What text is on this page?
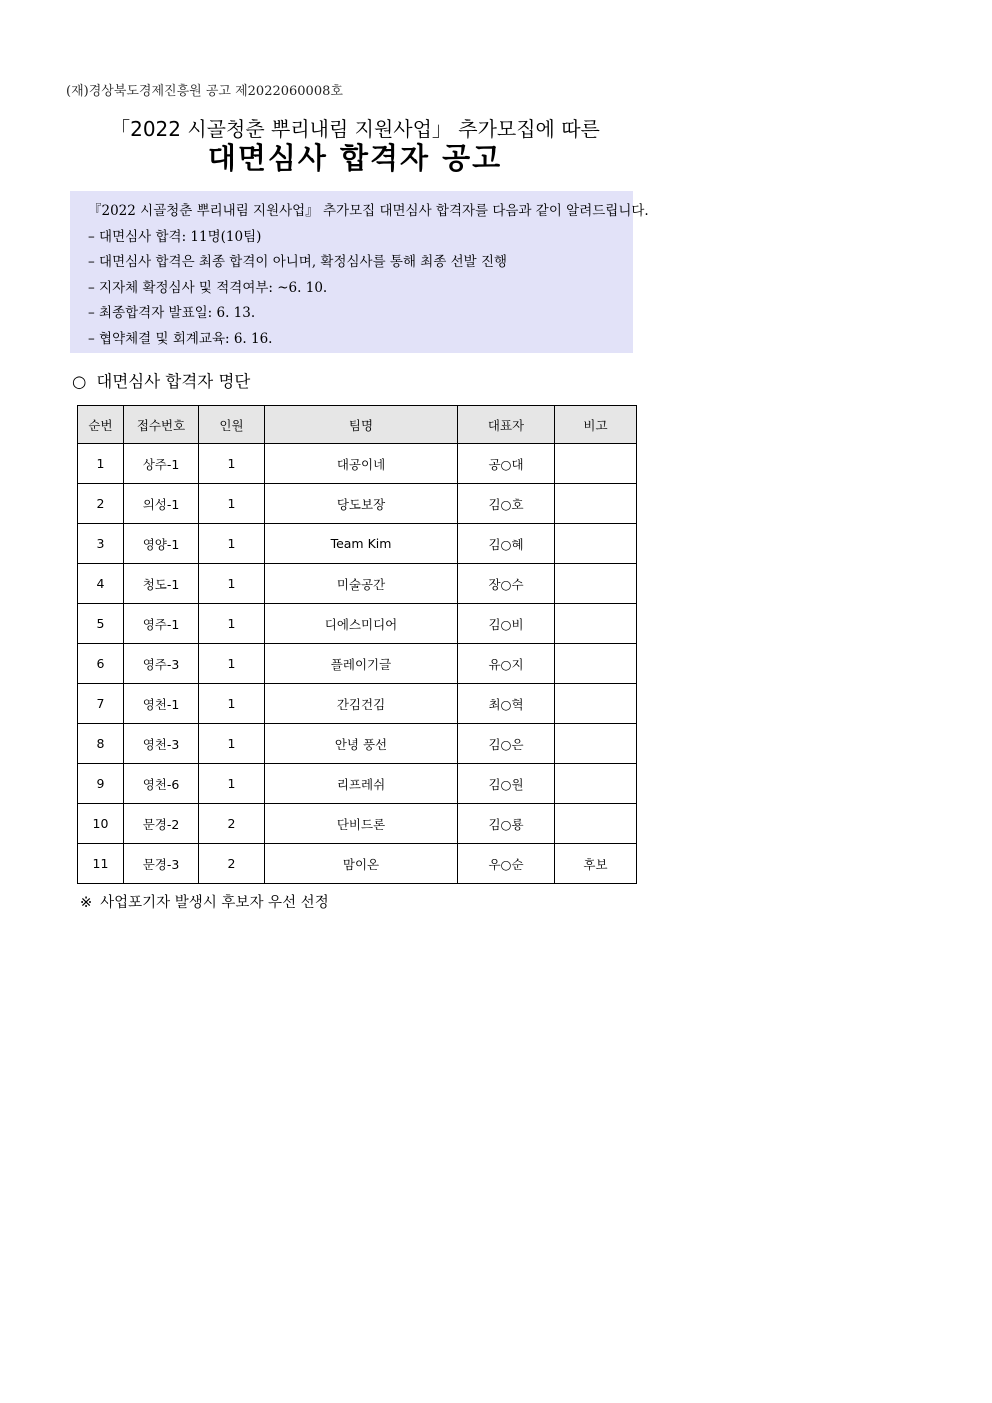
(재)경상북도경제진흥원 공고 제2022060008호
「2022 시골청춘 뿌리내림 지원사업」 추가모집에 따른
대면심사 합격자 공고
『2022 시골청춘 뿌리내림 지원사업』 추가모집 대면심사 합격자를 다음과 같이 알려드립니다.
– 대면심사 합격: 11명(10팀)
– 대면심사 합격은 최종 합격이 아니며, 확정심사를 통해 최종 선발 진행
– 지자체 확정심사 및 적격여부: ~6. 10.
– 최종합격자 발표일: 6. 13.
– 협약체결 및 회계교육: 6. 16.
○ 대면심사 합격자 명단
순번	접수번호	인원	팀명	대표자	비고
1	상주-1	1	대공이네	공○대	
2	의성-1	1	당도보장	김○호	
3	영양-1	1	Team Kim	김○혜	
4	청도-1	1	미술공간	장○수	
5	영주-1	1	디에스미디어	김○비	
6	영주-3	1	플레이기글	유○지	
7	영천-1	1	간김건김	최○혁	
8	영천-3	1	안녕 풍선	김○은	
9	영천-6	1	리프레쉬	김○원	
10	문경-2	2	단비드론	김○룡	
11	문경-3	2	맘이온	우○순	후보
※ 사업포기자 발생시 후보자 우선 선정
